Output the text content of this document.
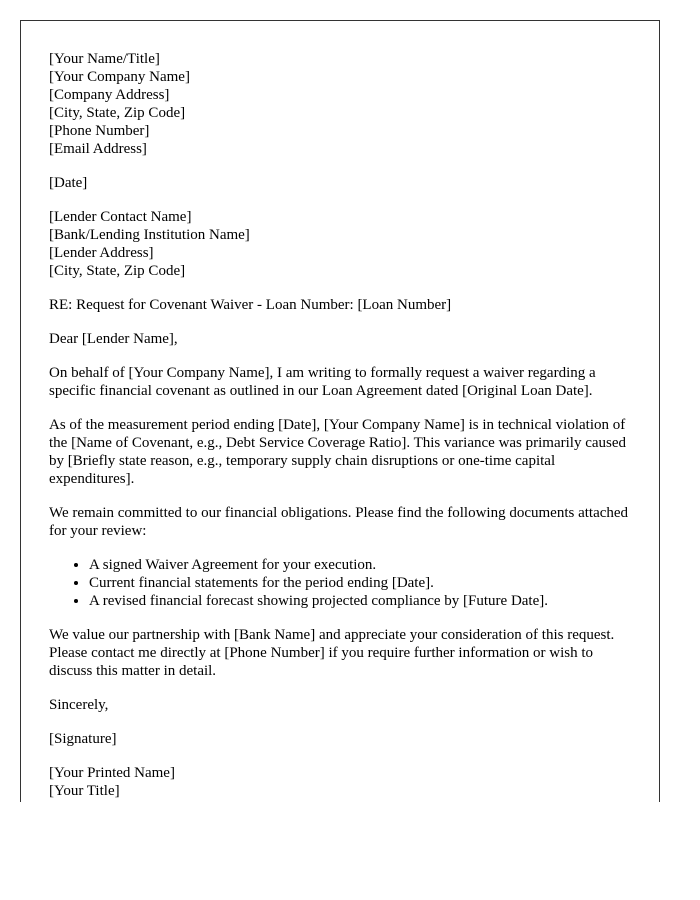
[Your Name/Title]
[Your Company Name]
[Company Address]
[City, State, Zip Code]
[Phone Number]
[Email Address]

[Date]

[Lender Contact Name]
[Bank/Lending Institution Name]
[Lender Address]
[City, State, Zip Code]

RE: Request for Covenant Waiver - Loan Number: [Loan Number]

Dear [Lender Name],

On behalf of [Your Company Name], I am writing to formally request a waiver regarding a specific financial covenant as outlined in our Loan Agreement dated [Original Loan Date].

As of the measurement period ending [Date], [Your Company Name] is in technical violation of the [Name of Covenant, e.g., Debt Service Coverage Ratio]. This variance was primarily caused by [Briefly state reason, e.g., temporary supply chain disruptions or one-time capital expenditures].

We remain committed to our financial obligations. Please find the following documents attached for your review:

• A signed Waiver Agreement for your execution.
• Current financial statements for the period ending [Date].
• A revised financial forecast showing projected compliance by [Future Date].

We value our partnership with [Bank Name] and appreciate your consideration of this request. Please contact me directly at [Phone Number] if you require further information or wish to discuss this matter in detail.

Sincerely,

[Signature]

[Your Printed Name]
[Your Title]
